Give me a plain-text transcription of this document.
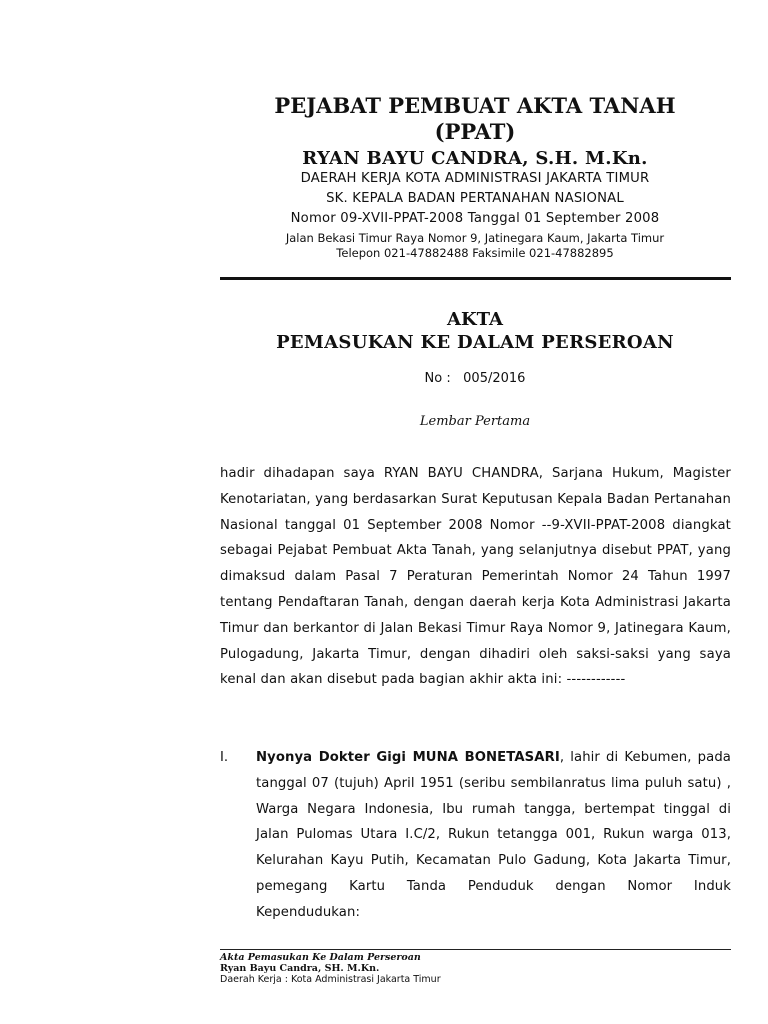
PEJABAT PEMBUAT AKTA TANAH
(PPAT)
RYAN BAYU CANDRA, S.H. M.Kn.
DAERAH KERJA KOTA ADMINISTRASI JAKARTA TIMUR
SK. KEPALA BADAN PERTANAHAN NASIONAL
Nomor 09-XVII-PPAT-2008 Tanggal 01 September 2008
Jalan Bekasi Timur Raya Nomor 9, Jatinegara Kaum, Jakarta Timur
Telepon 021-47882488 Faksimile 021-47882895
AKTA
PEMASUKAN KE DALAM PERSEROAN
No : 005/2016
Lembar Pertama
hadir dihadapan saya RYAN BAYU CHANDRA, Sarjana Hukum, Magister Kenotariatan, yang berdasarkan Surat Keputusan Kepala Badan Pertanahan Nasional tanggal 01 September 2008 Nomor --9-XVII-PPAT-2008 diangkat sebagai Pejabat Pembuat Akta Tanah, yang selanjutnya disebut PPAT, yang dimaksud dalam Pasal 7 Peraturan Pemerintah Nomor 24 Tahun 1997 tentang Pendaftaran Tanah, dengan daerah kerja Kota Administrasi Jakarta Timur dan berkantor di Jalan Bekasi Timur Raya Nomor 9, Jatinegara Kaum, Pulogadung, Jakarta Timur, dengan dihadiri oleh saksi-saksi yang saya kenal dan akan disebut pada bagian akhir akta ini: ------------
I. Nyonya Dokter Gigi MUNA BONETASARI, lahir di Kebumen, pada tanggal 07 (tujuh) April 1951 (seribu sembilanratus lima puluh satu) , Warga Negara Indonesia, Ibu rumah tangga, bertempat tinggal di Jalan Pulomas Utara I.C/2, Rukun tetangga 001, Rukun warga 013, Kelurahan Kayu Putih, Kecamatan Pulo Gadung, Kota Jakarta Timur, pemegang Kartu Tanda Penduduk dengan Nomor Induk Kependudukan:
Akta Pemasukan Ke Dalam Perseroan
Ryan Bayu Candra, SH. M.Kn.
Daerah Kerja : Kota Administrasi Jakarta Timur
